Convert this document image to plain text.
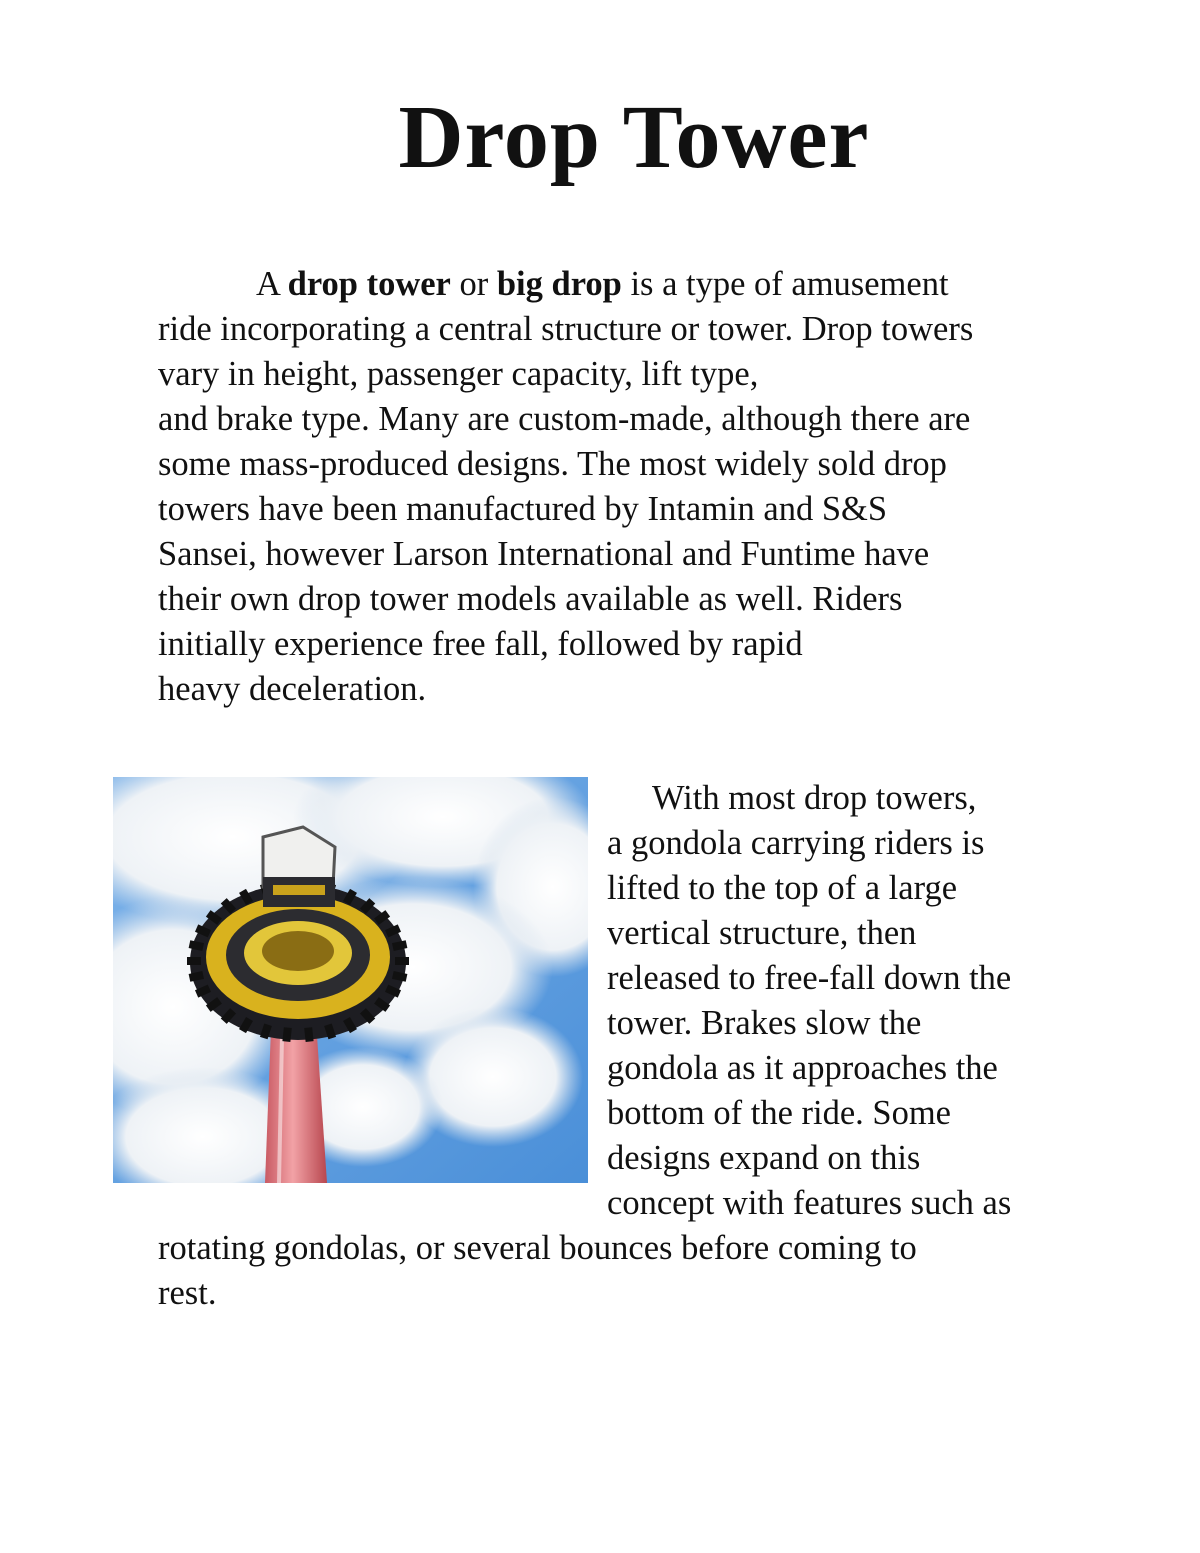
Drop Tower

A drop tower or big drop is a type of amusement
ride incorporating a central structure or tower. Drop towers
vary in height, passenger capacity, lift type,
and brake type. Many are custom-made, although there are
some mass-produced designs. The most widely sold drop
towers have been manufactured by Intamin and S&S
Sansei, however Larson International and Funtime have
their own drop tower models available as well. Riders
initially experience free fall, followed by rapid
heavy deceleration.

With most drop towers,
a gondola carrying riders is
lifted to the top of a large
vertical structure, then
released to free-fall down the
tower. Brakes slow the
gondola as it approaches the
bottom of the ride. Some
designs expand on this
concept with features such as
rotating gondolas, or several bounces before coming to
rest.
